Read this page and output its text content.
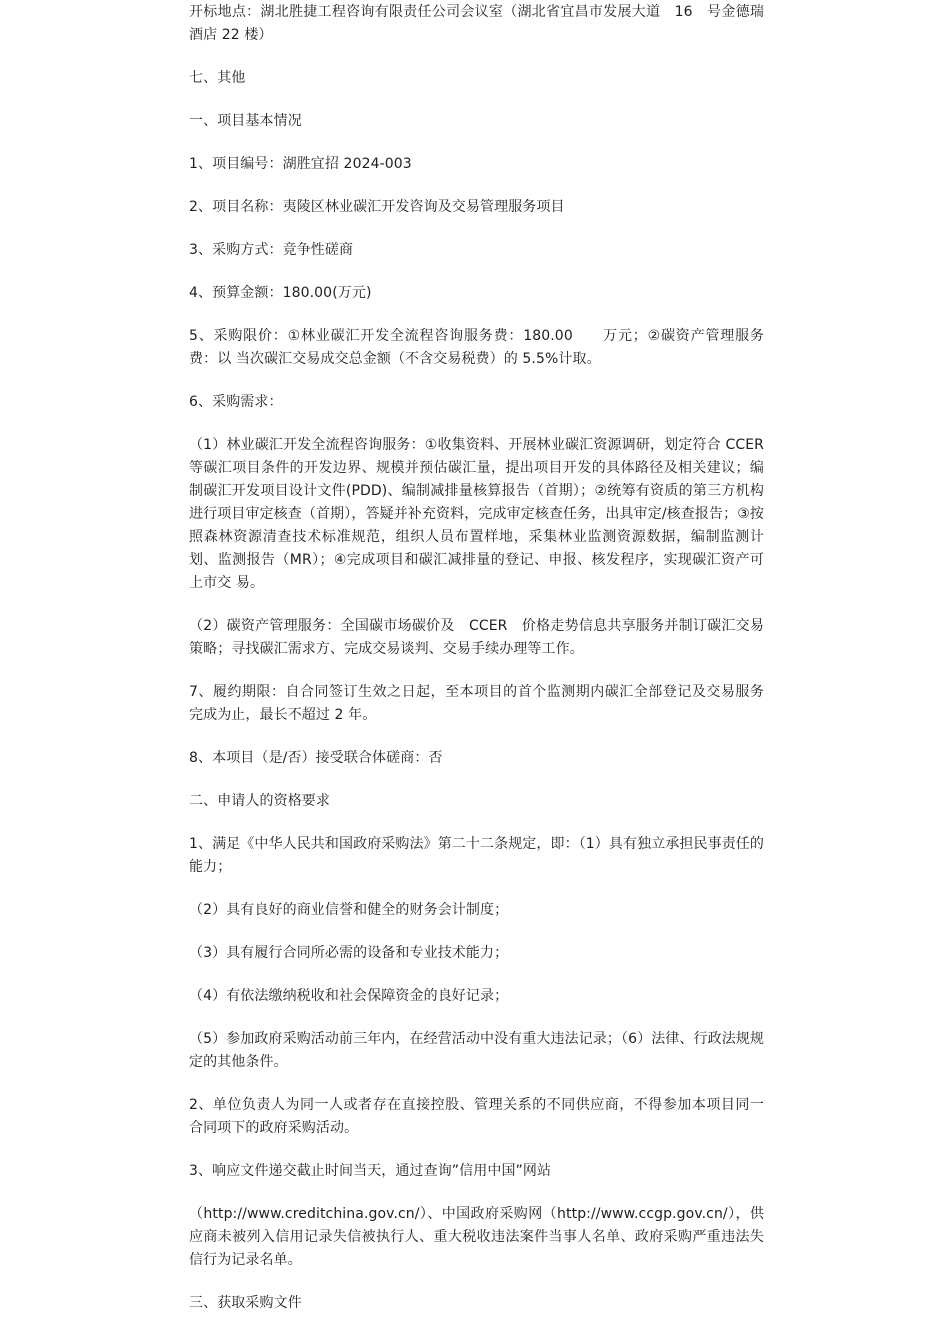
开标地点：湖北胜捷工程咨询有限责任公司会议室（湖北省宜昌市发展大道　16　号金德瑞酒店 22 楼）

七、其他

一、项目基本情况

1、项目编号：湖胜宜招 2024-003

2、项目名称：夷陵区林业碳汇开发咨询及交易管理服务项目

3、采购方式：竞争性磋商

4、预算金额：180.00(万元)

5、采购限价：①林业碳汇开发全流程咨询服务费：180.00　　万元；②碳资产管理服务费：以 当次碳汇交易成交总金额（不含交易税费）的 5.5%计取。

6、采购需求：

（1）林业碳汇开发全流程咨询服务：①收集资料、开展林业碳汇资源调研，划定符合 CCER　等碳汇项目条件的开发边界、规模并预估碳汇量，提出项目开发的具体路径及相关建议；编制碳汇开发项目设计文件(PDD)、编制减排量核算报告（首期）；②统筹有资质的第三方机构进行项目审定核查（首期），答疑并补充资料，完成审定核查任务，出具审定/核查报告；③按照森林资源清查技术标准规范，组织人员布置样地，采集林业监测资源数据，编制监测计划、监测报告（MR）；④完成项目和碳汇减排量的登记、申报、核发程序，实现碳汇资产可上市交 易。

（2）碳资产管理服务：全国碳市场碳价及　CCER　价格走势信息共享服务并制订碳汇交易策略；寻找碳汇需求方、完成交易谈判、交易手续办理等工作。

7、履约期限：自合同签订生效之日起，至本项目的首个监测期内碳汇全部登记及交易服务 完成为止，最长不超过 2 年。

8、本项目（是/否）接受联合体磋商：否

二、申请人的资格要求

1、满足《中华人民共和国政府采购法》第二十二条规定，即：（1）具有独立承担民事责任的能力；

（2）具有良好的商业信誉和健全的财务会计制度；

（3）具有履行合同所必需的设备和专业技术能力；

（4）有依法缴纳税收和社会保障资金的良好记录；

（5）参加政府采购活动前三年内，在经营活动中没有重大违法记录；（6）法律、行政法规规定的其他条件。

2、单位负责人为同一人或者存在直接控股、管理关系的不同供应商，不得参加本项目同一 合同项下的政府采购活动。

3、响应文件递交截止时间当天，通过查询”信用中国”网站

（http://www.creditchina.gov.cn/）、中国政府采购网（http://www.ccgp.gov.cn/），供　应商未被列入信用记录失信被执行人、重大税收违法案件当事人名单、政府采购严重违法失 信行为记录名单。

三、获取采购文件
